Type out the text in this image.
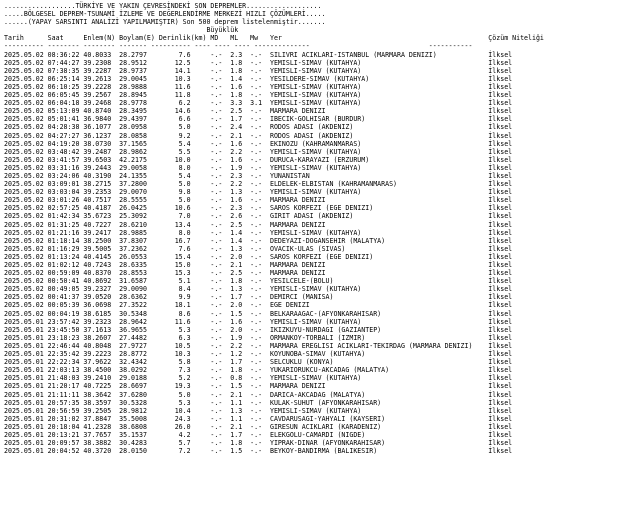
..................TÜRKİYE VE YAKIN ÇEVRESİNDEKİ SON DEPREMLER...................
.....BÖLGESEL DEPREM-TSUNAMİ İZLEME VE DEĞERLENDİRME MERKEZİ HIZLI ÇÖZÜMLERİ.....
......(YAPAY SARSINTI ANALİZİ YAPILMAMIŞTIR) Son 500 deprem listelenmiştir.......
Büyüklük
Tarih      Saat     Enlem(N) Boylam(E) Derinlik(km) MD   ML   Mw   Yer                                                    Çözüm Niteliği
---------- -------- -------- ------- ---------- ---- ---- ---- --------------                              -----------
2025.05.02 08:36:22 40.8033  28.2797        7.6     -.-  2.3  -.-  SILIVRI ACIKLARI-ISTANBUL (MARMARA DENIZI)             İlksel
2025.05.02 07:44:27 39.2308  28.9512       12.5     -.-  1.8  -.-  YEMISLI-SIMAV (KUTAHYA)                                İlksel
2025.05.02 07:38:35 39.2287  28.9737       14.1     -.-  1.8  -.-  YEMISLI-SIMAV (KUTAHYA)                                İlksel
2025.05.02 06:25:14 39.2613  29.0045       10.3     -.-  1.4  -.-  YESILDERE-SIMAV (KUTAHYA)                              İlksel
2025.05.02 06:10:25 39.2228  28.9888       11.6     -.-  1.6  -.-  YEMISLI-SIMAV (KUTAHYA)                                İlksel
2025.05.02 06:05:45 39.2567  28.8945       11.8     -.-  1.8  -.-  YEMISLI-SIMAV (KUTAHYA)                                İlksel
2025.05.02 06:04:18 39.2468  28.9778        6.2     -.-  3.3  3.1  YEMISLI-SIMAV (KUTAHYA)                                İlksel
2025.05.02 05:13:09 40.8740  28.3495       14.6     -.-  2.5  -.-  MARMARA DENIZI                                         İlksel
2025.05.02 05:01:41 36.9840  29.4397        6.6     -.-  1.7  -.-  IBECIK-GOLHISAR (BURDUR)                               İlksel
2025.05.02 04:28:38 36.1077  28.0958        5.0     -.-  2.4  -.-  RODOS ADASI (AKDENIZ)                                  İlksel
2025.05.02 04:27:27 36.1237  28.0858        9.2     -.-  2.1  -.-  RODOS ADASI (AKDENIZ)                                  İlksel
2025.05.02 04:19:20 38.0730  37.1565        5.4     -.-  1.6  -.-  EKINOZU (KAHRAMANMARAS)                                İlksel
2025.05.02 03:48:42 39.2487  28.9862        5.5     -.-  2.2  -.-  YEMISLI-SIMAV (KUTAHYA)                                İlksel
2025.05.02 03:41:57 39.6503  42.2175       10.0     -.-  1.6  -.-  DURUCA-KARAYAZI (ERZURUM)                              İlksel
2025.05.02 03:31:16 39.2443  29.0058        8.0     -.-  1.9  -.-  YEMISLI-SIMAV (KUTAHYA)                                İlksel
2025.05.02 03:24:06 40.3190  24.1355        5.4     -.-  2.3  -.-  YUNANISTAN                                             İlksel
2025.05.02 03:09:01 38.2715  37.2800        5.0     -.-  2.2  -.-  ELDELEK-ELBISTAN (KAHRAMANMARAS)                       İlksel
2025.05.02 03:03:04 39.2353  29.0070        9.8     -.-  1.3  -.-  YEMISLI-SIMAV (KUTAHYA)                                İlksel
2025.05.02 03:01:26 40.7517  28.5555        5.0     -.-  1.6  -.-  MARMARA DENIZI                                         İlksel
2025.05.02 02:57:25 40.4187  26.0425       10.6     -.-  2.3  -.-  SAROS KORFEZI (EGE DENIZI)                             İlksel
2025.05.02 01:42:34 35.6723  25.3092        7.0     -.-  2.6  -.-  GIRIT ADASI (AKDENIZ)                                  İlksel
2025.05.02 01:31:25 40.7227  28.6210       13.4     -.-  2.5  -.-  MARMARA DENIZI                                         İlksel
2025.05.02 01:21:16 39.2417  28.9885        8.0     -.-  1.4  -.-  YEMISLI-SIMAV (KUTAHYA)                                İlksel
2025.05.02 01:18:14 38.2500  37.8307       16.7     -.-  1.4  -.-  DEDEYAZI-DOGANSEHIR (MALATYA)                          İlksel
2025.05.02 01:16:29 39.5005  37.2362        7.6     -.-  1.3  -.-  OVACIK-ULAS (SIVAS)                                    İlksel
2025.05.02 01:13:24 40.4145  26.0553       15.4     -.-  2.0  -.-  SAROS KORFEZI (EGE DENIZI)                             İlksel
2025.05.02 01:02:12 40.7243  28.6335       15.0     -.-  2.1  -.-  MARMARA DENIZI                                         İlksel
2025.05.02 00:59:09 40.8370  28.8553       15.3     -.-  2.5  -.-  MARMARA DENIZI                                         İlksel
2025.05.02 00:50:41 40.8692  31.6587        5.1     -.-  1.8  -.-  YESILCELE-(BOLU)                                       İlksel
2025.05.02 00:49:05 39.2327  29.0090        8.4     -.-  1.3  -.-  YEMISLI-SIMAV (KUTAHYA)                                İlksel
2025.05.02 00:41:37 39.0520  28.6362        9.9     -.-  1.7  -.-  DEMIRCI (MANISA)                                       İlksel
2025.05.02 00:05:39 36.0698  27.3522       18.1     -.-  2.0  -.-  EGE DENIZI                                             İlksel
2025.05.02 00:04:19 38.6185  30.5348        8.6     -.-  1.5  -.-  BELKARAAGAC-(AFYONKARAHISAR)                           İlksel
2025.05.01 23:57:42 39.2323  28.9642       11.6     -.-  1.6  -.-  YEMISLI-SIMAV (KUTAHYA)                                İlksel
2025.05.01 23:45:50 37.1613  36.9655        5.3     -.-  2.0  -.-  IKIZKUYU-NURDAGI (GAZIANTEP)                           İlksel
2025.05.01 23:18:23 38.2607  27.4482        6.3     -.-  1.9  -.-  ORMANKOY-TORBALI (IZMIR)                               İlksel
2025.05.01 22:46:44 40.8048  27.9727       10.5     -.-  2.2  -.-  MARMARA EREGLISI ACIKLARI-TEKIRDAG (MARMARA DENIZI)    İlksel
2025.05.01 22:35:42 39.2223  28.8772       10.3     -.-  1.2  -.-  KOYUNOBA-SIMAV (KUTAHYA)                               İlksel
2025.05.01 22:22:34 37.9622  32.4342        5.8     -.-  1.7  -.-  SELCUKLU (KONYA)                                       İlksel
2025.05.01 22:03:13 38.4500  38.0292        7.3     -.-  1.8  -.-  YUKARIORUKCU-AKCADAG (MALATYA)                         İlksel
2025.05.01 21:48:03 39.2410  29.0188        5.2     -.-  0.8  -.-  YEMISLI-SIMAV (KUTAHYA)                                İlksel
2025.05.01 21:20:17 40.7225  28.6697       19.3     -.-  1.5  -.-  MARMARA DENIZI                                         İlksel
2025.05.01 21:11:11 38.3642  37.6280        5.0     -.-  2.1  -.-  DARICA-AKCADAG (MALATYA)                               İlksel
2025.05.01 20:57:35 38.3597  30.5328        5.3     -.-  1.1  -.-  KULAK-SUHUT (AFYONKARAHISAR)                           İlksel
2025.05.01 20:56:59 39.2505  28.9812       10.4     -.-  1.3  -.-  YEMISLI-SIMAV (KUTAHYA)                                İlksel
2025.05.01 20:31:02 37.8847  35.5008       24.3     -.-  1.1  -.-  CAVDARUSAGI-YAHYALI (KAYSERI)                          İlksel
2025.05.01 20:18:04 41.2328  38.6808       26.0     -.-  2.1  -.-  GIRESUN ACIKLARI (KARADENIZ)                           İlksel
2025.05.01 20:13:21 37.7657  35.1537        4.2     -.-  1.7  -.-  ELEKGOLU-CAMARDI (NIGDE)                               İlksel
2025.05.01 20:09:57 38.3882  30.4283        5.7     -.-  1.8  -.-  YIPRAK-DINAR (AFYONKARAHISAR)                          İlksel
2025.05.01 20:04:52 40.3720  28.0150        7.2     -.-  1.5  -.-  BEYKOY-BANDIRMA (BALIKESIR)                            İlksel
